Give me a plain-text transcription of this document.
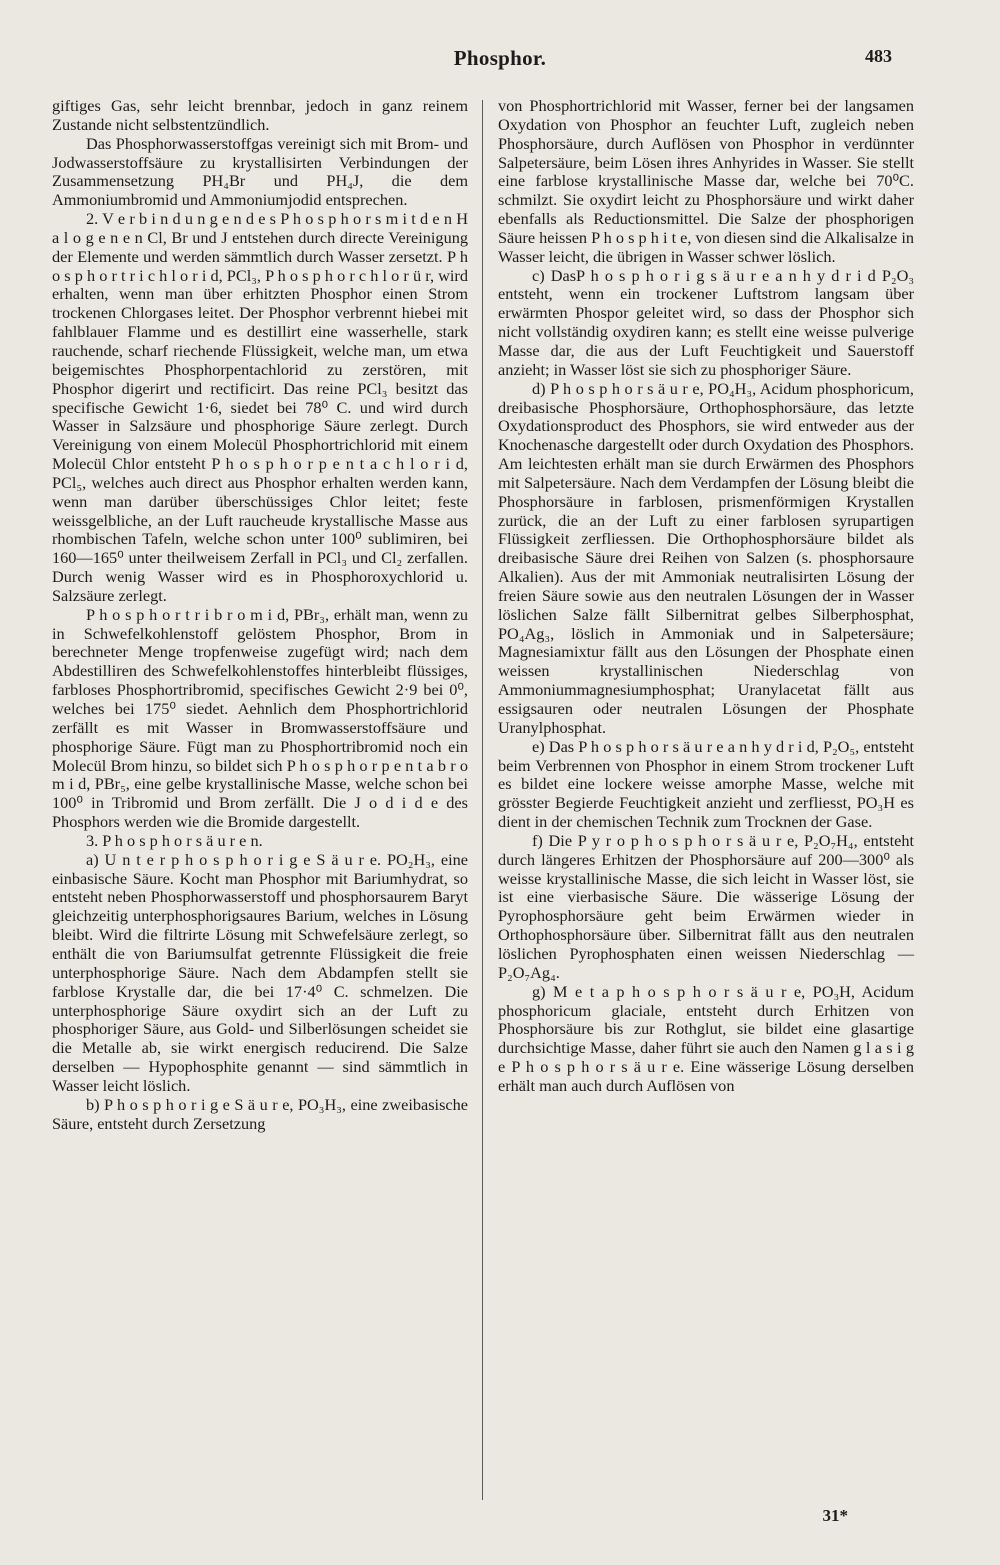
Phosphor.	483

giftiges Gas, sehr leicht brennbar, jedoch in ganz reinem Zustande nicht selbstentzündlich.

Das Phosphorwasserstoffgas vereinigt sich mit Brom- und Jodwasserstoffsäure zu krystallisirten Verbindungen der Zusammensetzung PH₄Br und PH₄J, die dem Ammoniumbromid und Ammoniumjodid entsprechen.

2. V e r b i n d u n g e n d e s P h o s p h o r s m i t d e n H a l o g e n e n Cl, Br und J entstehen durch directe Vereinigung der Elemente und werden sämmtlich durch Wasser zersetzt. P h o s p h o r t r i c h l o r i d, PCl₃, P h o s p h o r c h l o r ü r, wird erhalten, wenn man über erhitzten Phosphor einen Strom trockenen Chlorgases leitet. Der Phosphor verbrennt hiebei mit fahlblauer Flamme und es destillirt eine wasserhelle, stark rauchende, scharf riechende Flüssigkeit, welche man, um etwa beigemischtes Phosphorpentachlorid zu zerstören, mit Phosphor digerirt und rectificirt. Das reine PCl₃ besitzt das specifische Gewicht 1·6, siedet bei 78⁰ C. und wird durch Wasser in Salzsäure und phosphorige Säure zerlegt. Durch Vereinigung von einem Molecül Phosphortrichlorid mit einem Molecül Chlor entsteht P h o s p h o r p e n t a c h l o r i d, PCl₅, welches auch direct aus Phosphor erhalten werden kann, wenn man darüber überschüssiges Chlor leitet; feste weissgelbliche, an der Luft raucheude krystallische Masse aus rhombischen Tafeln, welche schon unter 100⁰ sublimiren, bei 160—165⁰ unter theilweisem Zerfall in PCl₃ und Cl₂ zerfallen. Durch wenig Wasser wird es in Phosphoroxychlorid u. Salzsäure zerlegt.

P h o s p h o r t r i b r o m i d, PBr₃, erhält man, wenn zu in Schwefelkohlenstoff gelöstem Phosphor, Brom in berechneter Menge tropfenweise zugefügt wird; nach dem Abdestilliren des Schwefelkohlenstoffes hinterbleibt flüssiges, farbloses Phosphortribromid, specifisches Gewicht 2·9 bei 0⁰, welches bei 175⁰ siedet. Aehnlich dem Phosphortrichlorid zerfällt es mit Wasser in Bromwasserstoffsäure und phosphorige Säure. Fügt man zu Phosphortribromid noch ein Molecül Brom hinzu, so bildet sich P h o s p h o r p e n t a b r o m i d, PBr₅, eine gelbe krystallinische Masse, welche schon bei 100⁰ in Tribromid und Brom zerfällt. Die J o d i d e des Phosphors werden wie die Bromide dargestellt.

3. P h o s p h o r s ä u r e n.

a) U n t e r p h o s p h o r i g e S ä u r e. PO₂H₃, eine einbasische Säure. Kocht man Phosphor mit Bariumhydrat, so entsteht neben Phosphorwasserstoff und phosphorsaurem Baryt gleichzeitig unterphosphorigsaures Barium, welches in Lösung bleibt. Wird die filtrirte Lösung mit Schwefelsäure zerlegt, so enthält die von Bariumsulfat getrennte Flüssigkeit die freie unterphosphorige Säure. Nach dem Abdampfen stellt sie farblose Krystalle dar, die bei 17·4⁰ C. schmelzen. Die unterphosphorige Säure oxydirt sich an der Luft zu phosphoriger Säure, aus Gold- und Silberlösungen scheidet sie die Metalle ab, sie wirkt energisch reducirend. Die Salze derselben — Hypophosphite genannt — sind sämmtlich in Wasser leicht löslich.

b) P h o s p h o r i g e S ä u r e, PO₃H₃, eine zweibasische Säure, entsteht durch Zersetzung

von Phosphortrichlorid mit Wasser, ferner bei der langsamen Oxydation von Phosphor an feuchter Luft, zugleich neben Phosphorsäure, durch Auflösen von Phosphor in verdünnter Salpetersäure, beim Lösen ihres Anhyrides in Wasser. Sie stellt eine farblose krystallinische Masse dar, welche bei 70⁰C. schmilzt. Sie oxydirt leicht zu Phosphorsäure und wirkt daher ebenfalls als Reductionsmittel. Die Salze der phosphorigen Säure heissen P h o s p h i t e, von diesen sind die Alkalisalze in Wasser leicht, die übrigen in Wasser schwer löslich.

c) DasP h o s p h o r i g s ä u r e a n h y d r i d P₂O₃ entsteht, wenn ein trockener Luftstrom langsam über erwärmten Phospor geleitet wird, so dass der Phosphor sich nicht vollständig oxydiren kann; es stellt eine weisse pulverige Masse dar, die aus der Luft Feuchtigkeit und Sauerstoff anzieht; in Wasser löst sie sich zu phosphoriger Säure.

d) P h o s p h o r s ä u r e, PO₄H₃, Acidum phosphoricum, dreibasische Phosphorsäure, Orthophosphorsäure, das letzte Oxydationsproduct des Phosphors, sie wird entweder aus der Knochenasche dargestellt oder durch Oxydation des Phosphors. Am leichtesten erhält man sie durch Erwärmen des Phosphors mit Salpetersäure. Nach dem Verdampfen der Lösung bleibt die Phosphorsäure in farblosen, prismenförmigen Krystallen zurück, die an der Luft zu einer farblosen syrupartigen Flüssigkeit zerfliessen. Die Orthophosphorsäure bildet als dreibasische Säure drei Reihen von Salzen (s. phosphorsaure Alkalien). Aus der mit Ammoniak neutralisirten Lösung der freien Säure sowie aus den neutralen Lösungen der in Wasser löslichen Salze fällt Silbernitrat gelbes Silberphosphat, PO₄Ag₃, löslich in Ammoniak und in Salpetersäure; Magnesiamixtur fällt aus den Lösungen der Phosphate einen weissen krystallinischen Niederschlag von Ammoniummagnesiumphosphat; Uranylacetat fällt aus essigsauren oder neutralen Lösungen der Phosphate Uranylphosphat.

e) Das P h o s p h o r s ä u r e a n h y d r i d, P₂O₅, entsteht beim Verbrennen von Phosphor in einem Strom trockener Luft es bildet eine lockere weisse amorphe Masse, welche mit grösster Begierde Feuchtigkeit anzieht und zerfliesst, PO₃H es dient in der chemischen Technik zum Trocknen der Gase.

f) Die P y r o p h o s p h o r s ä u r e, P₂O₇H₄, entsteht durch längeres Erhitzen der Phosphorsäure auf 200—300⁰ als weisse krystallinische Masse, die sich leicht in Wasser löst, sie ist eine vierbasische Säure. Die wässerige Lösung der Pyrophosphorsäure geht beim Erwärmen wieder in Orthophosphorsäure über. Silbernitrat fällt aus den neutralen löslichen Pyrophosphaten einen weissen Niederschlag — P₂O₇Ag₄.

g) M e t a p h o s p h o r s ä u r e, PO₃H, Acidum phosphoricum glaciale, entsteht durch Erhitzen von Phosphorsäure bis zur Rothglut, sie bildet eine glasartige durchsichtige Masse, daher führt sie auch den Namen g l a s i g e P h o s p h o r s ä u r e. Eine wässerige Lösung derselben erhält man auch durch Auflösen von

31*
